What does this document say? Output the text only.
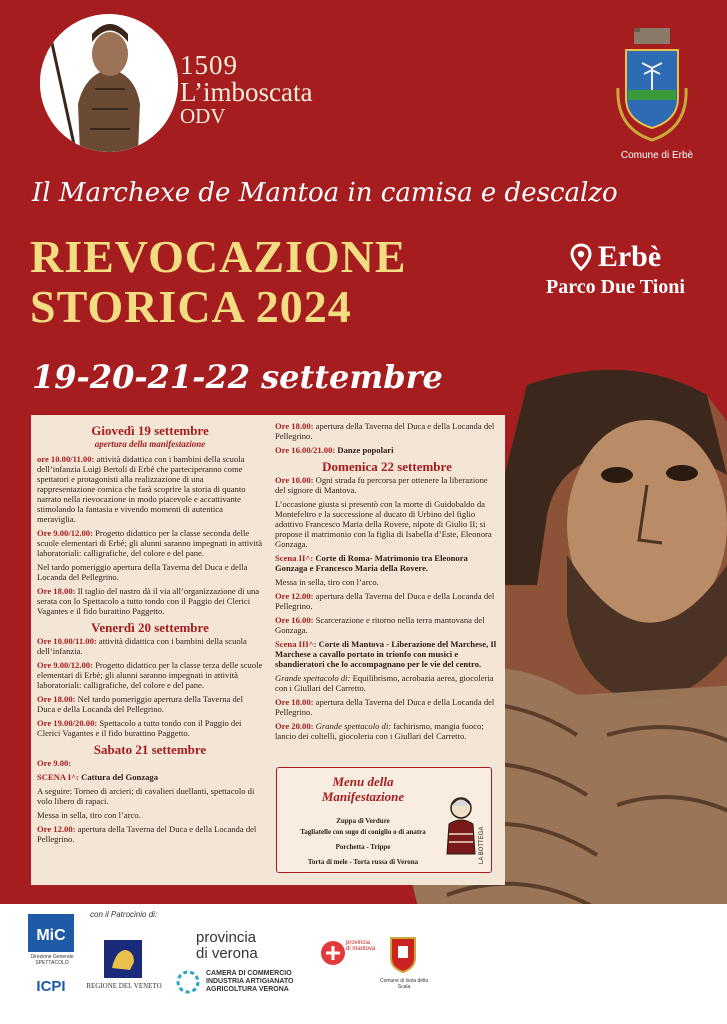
1509
L’imboscata
ODV
Comune di Erbè
Il Marchexe de Mantoa in camisa e descalzo
RIEVOCAZIONE
STORICA 2024
Erbè
Parco Due Tioni
19-20-21-22 settembre
Giovedì 19 settembre
apertura della manifestazione
ore 10.00/11.00: attività didattica con i bambini della scuola dell’infanzia Luigi Bertoli di Erbè che parteciperanno come spettatori e protagonisti alla realizzazione di una rappresentazione comica che farà scoprire la storia di quanto narrato nella rievocazione in modo piacevole e accattivante stimolando la fantasia e vivendo momenti di autentica meraviglia.
Ore 9.00/12.00: Progetto didattico per la classe seconda delle scuole elementari di Erbè; gli alunni saranno impegnati in attività laboratoriali: calligrafiche, del colore e del pane.
Nel tardo pomeriggio apertura della Taverna del Duca e della Locanda del Pellegrino.
Ore 18.00: Il taglio del nastro dà il via all’organizzazione di una serata con lo Spettacolo a tutto tondo con il Paggio dei Clerici Vagantes e il fido burattino Paggetto.
Venerdì 20 settembre
Ore 10.00/11.00: attività didattica con i bambini della scuola dell’infanzia.
Ore 9.00/12.00: Progetto didattico per la classe terza delle scuole elementari di Erbè; gli alunni saranno impegnati in attività laboratoriali: calligrafiche, del colore e del pane.
Ore 18.00: Nel tardo pomeriggio apertura della Taverna del Duca e della Locanda del Pellegrino.
Ore 19.00/20.00: Spettacolo a tutto tondo con il Paggio dei Clerici Vagantes e il fido burattino Paggetto.
Sabato 21 settembre
Ore 9.00:
SCENA I^: Cattura del Gonzaga
A seguire: Torneo di arcieri; di cavalieri duellanti, spettacolo di volo libero di rapaci.
Messa in sella, tiro con l’arco.
Ore 12.00: apertura della Taverna del Duca e della Locanda del Pellegrino.
Ore 18.00: apertura della Taverna del Duca e della Locanda del Pellegrino.
Ore 16.00/21.00: Danze popolari
Domenica 22 settembre
Ore 10.00: Ogni strada fu percorsa per ottenere la liberazione del signore di Mantova.
L’occasione giusta si presentò con la morte di Guidobaldo da Montefeltro e la successione al ducato di Urbino del figlio adottivo Francesco Maria della Rovere, nipote di Giulio II; si propose il matrimonio con la figlia di Isabella d’Este, Eleonora Gonzaga.
Scena II^: Corte di Roma- Matrimonio tra Eleonora Gonzaga e Francesco Maria della Rovere.
Messa in sella, tiro con l’arco.
Ore 12.00: apertura della Taverna del Duca e della Locanda del Pellegrino.
Ore 16.00: Scarcerazione e ritorno nella terra mantovana del Gonzaga.
Scena III^: Corte di Mantova - Liberazione del Marchese, Il Marchese a cavallo portato in trionfo con musici e sbandieratori che lo accompagnano per le vie del centro.
Grande spettacolo di: Equilibrismo, acrobazia aerea, giocoleria con i Giullari del Carretto.
Ore 18.00: apertura della Taverna del Duca e della Locanda del Pellegrino.
Ore 20.00: Grande spettacolo di: fachirismo, mangia fuoco; lancio dei coltelli, giocoleria con i Giullari del Carretto.
Menu della
Manifestazione
Zuppa di Verdure
Tagliatelle con sugo di coniglio o di anatra
Porchetta - Trippe
Torta di mele - Torta russa di Verona	LA BOTTEGA
con il Patrocinio di:
MiC
Direzione Generale SPETTACOLO
ICPI	REGIONE DEL VENETO
provincia
di verona
CAMERA DI COMMERCIO
INDUSTRIA ARTIGIANATO
AGRICOLTURA VERONA
provincia
di mantova
Comune di Isola della Scala
